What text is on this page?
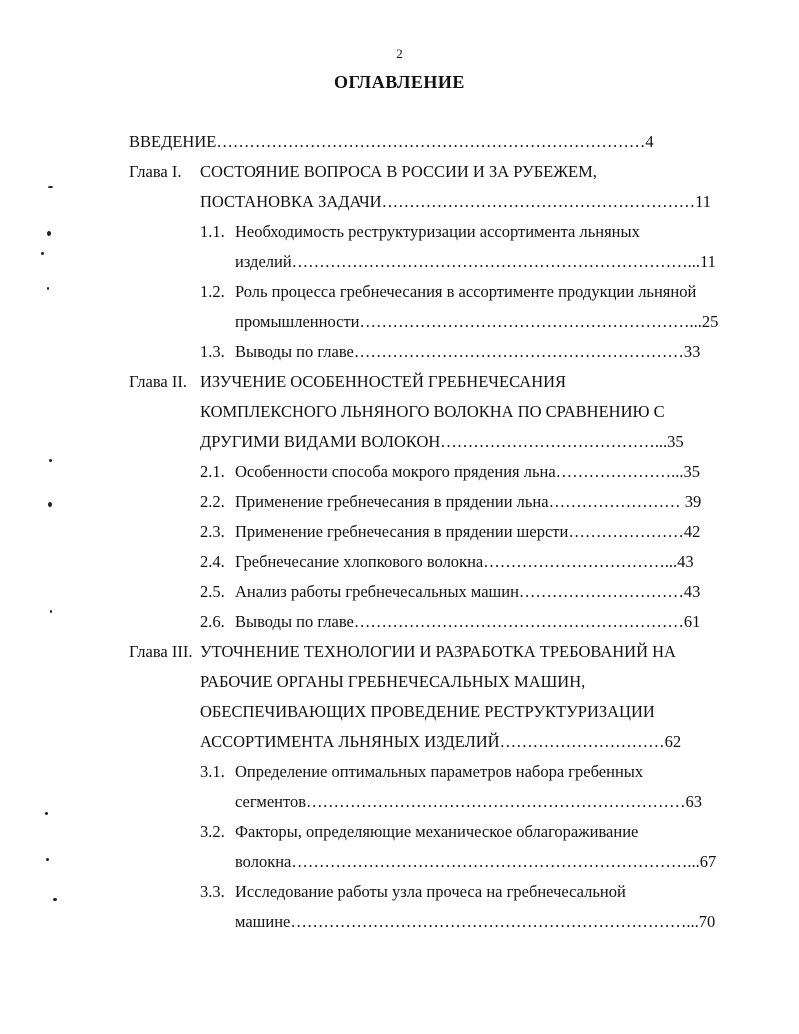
2
ОГЛАВЛЕНИЕ
ВВЕДЕНИЕ……………………………………………………………………4
Глава I. СОСТОЯНИЕ ВОПРОСА В РОССИИ И ЗА РУБЕЖЕМ,
ПОСТАНОВКА ЗАДАЧИ…………………………………………………11
1.1. Необходимость реструктуризации ассортимента льняных
изделий………………………………………………………………...11
1.2. Роль процесса гребнечесания в ассортименте продукции льняной
промышленности……………………………………………………...25
1.3. Выводы по главе……………………………………………………33
Глава II. ИЗУЧЕНИЕ ОСОБЕННОСТЕЙ ГРЕБНЕЧЕСАНИЯ
КОМПЛЕКСНОГО ЛЬНЯНОГО ВОЛОКНА ПО СРАВНЕНИЮ С
ДРУГИМИ ВИДАМИ ВОЛОКОН…………………………………...35
2.1. Особенности способа мокрого прядения льна…………………...35
2.2. Применение гребнечесания в прядении льна…………………… 39
2.3. Применение гребнечесания в прядении шерсти…………………42
2.4. Гребнечесание хлопкового волокна……………………………...43
2.5. Анализ работы гребнечесальных машин…………………………43
2.6. Выводы по главе……………………………………………………61
Глава III. УТОЧНЕНИЕ ТЕХНОЛОГИИ И РАЗРАБОТКА ТРЕБОВАНИЙ НА
РАБОЧИЕ ОРГАНЫ ГРЕБНЕЧЕСАЛЬНЫХ МАШИН,
ОБЕСПЕЧИВАЮЩИХ ПРОВЕДЕНИЕ РЕСТРУКТУРИЗАЦИИ
АССОРТИМЕНТА ЛЬНЯНЫХ ИЗДЕЛИЙ…………………………62
3.1. Определение оптимальных параметров набора гребенных
сегментов……………………………………………………………63
3.2. Факторы, определяющие механическое облагораживание
волокна………………………………………………………………...67
3.3. Исследование работы узла прочеса на гребнечесальной
машине………………………………………………………………...70
